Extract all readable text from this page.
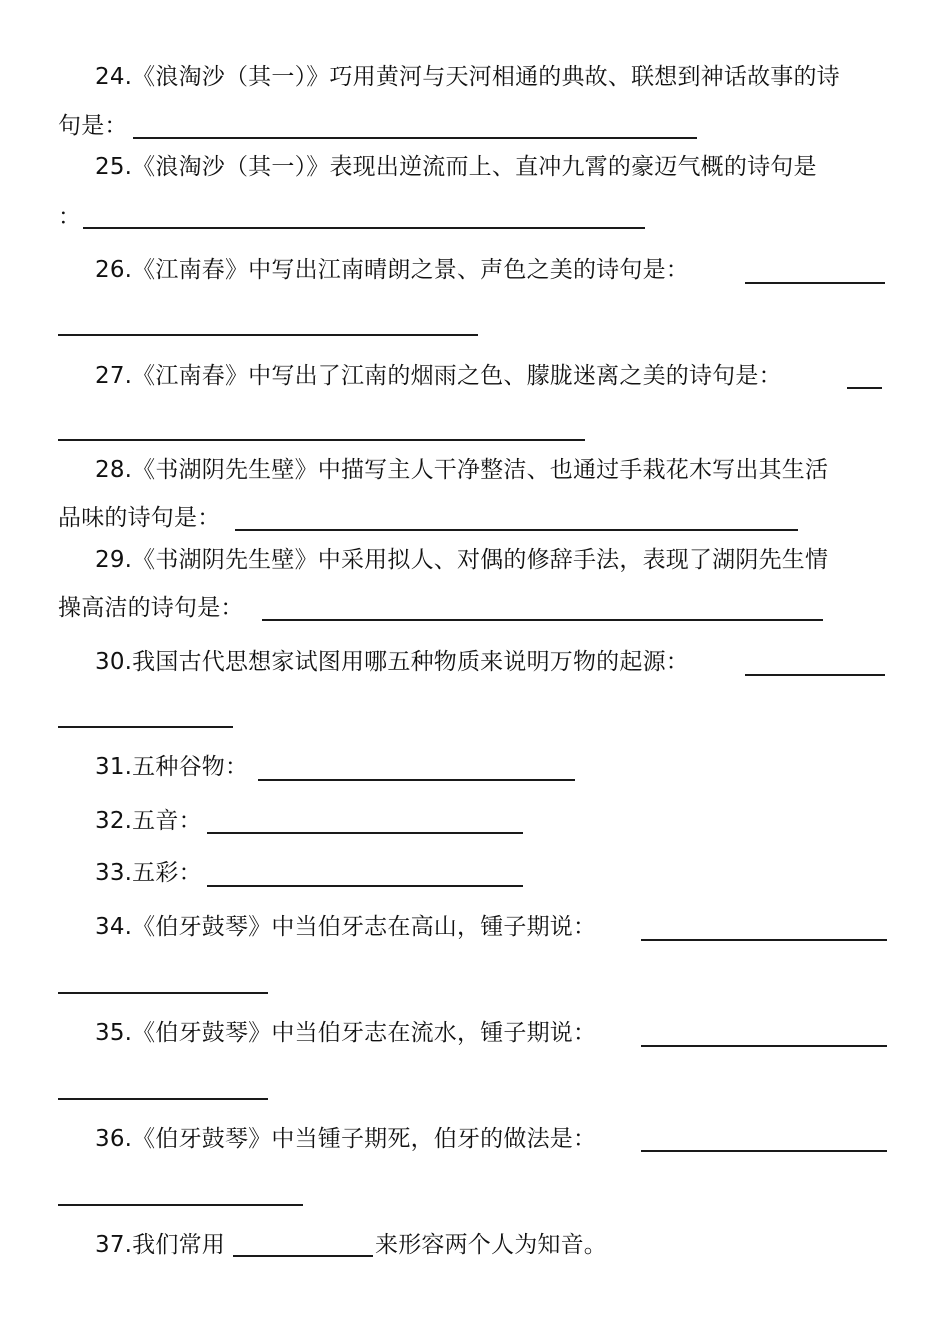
24.《浪淘沙（其一）》巧用黄河与天河相通的典故、联想到神话故事的诗
句是：
25.《浪淘沙（其一）》表现出逆流而上、直冲九霄的豪迈气概的诗句是
：
26.《江南春》中写出江南晴朗之景、声色之美的诗句是：
27.《江南春》中写出了江南的烟雨之色、朦胧迷离之美的诗句是：
28.《书湖阴先生壁》中描写主人干净整洁、也通过手栽花木写出其生活
品味的诗句是：
29.《书湖阴先生壁》中采用拟人、对偶的修辞手法，表现了湖阴先生情
操高洁的诗句是：
30.我国古代思想家试图用哪五种物质来说明万物的起源：
31.五种谷物：
32.五音：
33.五彩：
34.《伯牙鼓琴》中当伯牙志在高山，锺子期说：
35.《伯牙鼓琴》中当伯牙志在流水，锺子期说：
36.《伯牙鼓琴》中当锺子期死，伯牙的做法是：
37.我们常用	来形容两个人为知音。
